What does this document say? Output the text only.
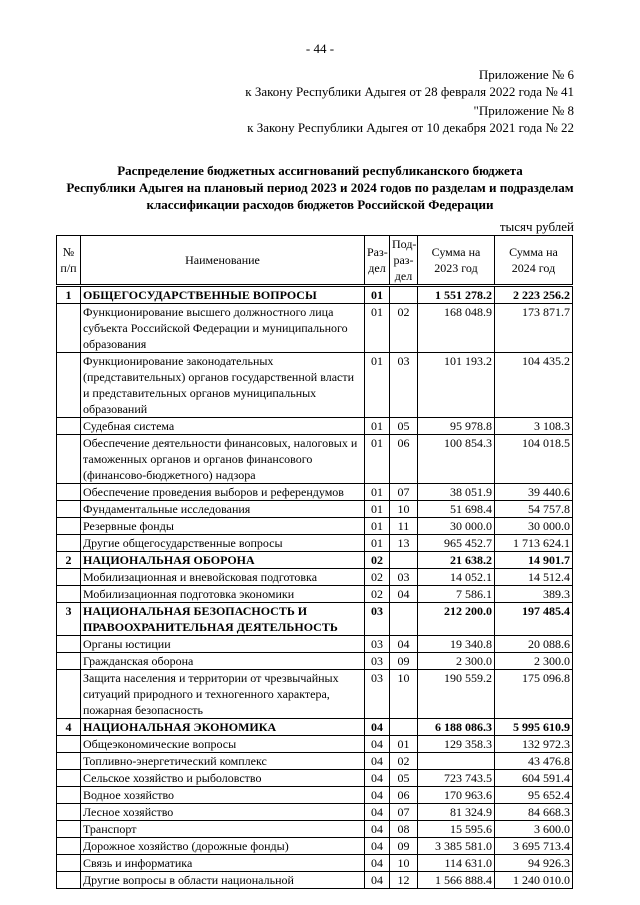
- 44 -
Приложение № 6
к Закону Республики Адыгея от 28 февраля 2022 года № 41
"Приложение № 8
к Закону Республики Адыгея от 10 декабря 2021 года № 22
Распределение бюджетных ассигнований республиканского бюджета
Республики Адыгея на плановый период 2023 и 2024 годов по разделам и подразделам
классификации расходов бюджетов Российской Федерации
тысяч рублей
№ п/п	Наименование	Раз-дел	Под-раз-дел	Сумма на 2023 год	Сумма на 2024 год
1	ОБЩЕГОСУДАРСТВЕННЫЕ ВОПРОСЫ	01		1 551 278.2	2 223 256.2
	Функционирование высшего должностного лица субъекта Российской Федерации и муниципального образования	01	02	168 048.9	173 871.7
	Функционирование законодательных (представительных) органов государственной власти и представительных органов муниципальных образований	01	03	101 193.2	104 435.2
	Судебная система	01	05	95 978.8	3 108.3
	Обеспечение деятельности финансовых, налоговых и таможенных органов и органов финансового (финансово-бюджетного) надзора	01	06	100 854.3	104 018.5
	Обеспечение проведения выборов и референдумов	01	07	38 051.9	39 440.6
	Фундаментальные исследования	01	10	51 698.4	54 757.8
	Резервные фонды	01	11	30 000.0	30 000.0
	Другие общегосударственные вопросы	01	13	965 452.7	1 713 624.1
2	НАЦИОНАЛЬНАЯ ОБОРОНА	02		21 638.2	14 901.7
	Мобилизационная и вневойсковая подготовка	02	03	14 052.1	14 512.4
	Мобилизационная подготовка экономики	02	04	7 586.1	389.3
3	НАЦИОНАЛЬНАЯ БЕЗОПАСНОСТЬ И ПРАВООХРАНИТЕЛЬНАЯ ДЕЯТЕЛЬНОСТЬ	03		212 200.0	197 485.4
	Органы юстиции	03	04	19 340.8	20 088.6
	Гражданская оборона	03	09	2 300.0	2 300.0
	Защита населения и территории от чрезвычайных ситуаций природного и техногенного характера, пожарная безопасность	03	10	190 559.2	175 096.8
4	НАЦИОНАЛЬНАЯ ЭКОНОМИКА	04		6 188 086.3	5 995 610.9
	Общеэкономические вопросы	04	01	129 358.3	132 972.3
	Топливно-энергетический комплекс	04	02		43 476.8
	Сельское хозяйство и рыболовство	04	05	723 743.5	604 591.4
	Водное хозяйство	04	06	170 963.6	95 652.4
	Лесное хозяйство	04	07	81 324.9	84 668.3
	Транспорт	04	08	15 595.6	3 600.0
	Дорожное хозяйство (дорожные фонды)	04	09	3 385 581.0	3 695 713.4
	Связь и информатика	04	10	114 631.0	94 926.3
	Другие вопросы в области национальной	04	12	1 566 888.4	1 240 010.0
